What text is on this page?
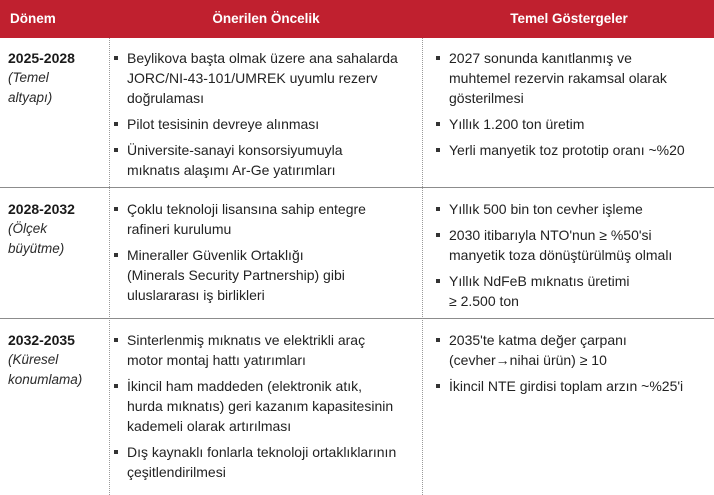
Dönem	Önerilen Öncelik	Temel Göstergeler
2025-2028
(Temel
altyapı)
Beylikova başta olmak üzere ana sahalarda
JORC/NI-43-101/UMREK uyumlu rezerv
doğrulaması
Pilot tesisinin devreye alınması
Üniversite-sanayi konsorsiyumuyla
mıknatıs alaşımı Ar-Ge yatırımları
2027 sonunda kanıtlanmış ve
muhtemel rezervin rakamsal olarak
gösterilmesi
Yıllık 1.200 ton üretim
Yerli manyetik toz prototip oranı ~%20
2028-2032
(Ölçek
büyütme)
Çoklu teknoloji lisansına sahip entegre
rafineri kurulumu
Mineraller Güvenlik Ortaklığı
(Minerals Security Partnership) gibi
uluslararası iş birlikleri
Yıllık 500 bin ton cevher işleme
2030 itibarıyla NTO'nun ≥ %50'si
manyetik toza dönüştürülmüş olmalı
Yıllık NdFeB mıknatıs üretimi
≥ 2.500 ton
2032-2035
(Küresel
konumlama)
Sinterlenmiş mıknatıs ve elektrikli araç
motor montaj hattı yatırımları
İkincil ham maddeden (elektronik atık,
hurda mıknatıs) geri kazanım kapasitesinin
kademeli olarak artırılması
Dış kaynaklı fonlarla teknoloji ortaklıklarının
çeşitlendirilmesi
2035'te katma değer çarpanı
(cevher→nihai ürün) ≥ 10
İkincil NTE girdisi toplam arzın ~%25'i
